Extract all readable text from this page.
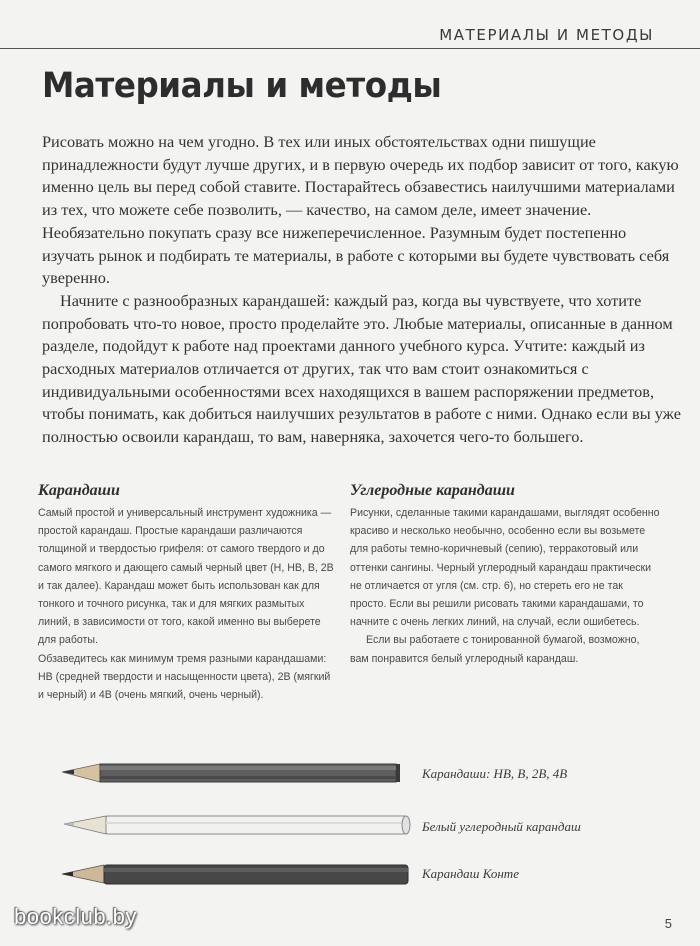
МАТЕРИАЛЫ И МЕТОДЫ
Материалы и методы

Рисовать можно на чем угодно. В тех или иных обстоятельствах одни пишущие принадлежности будут лучше других, и в первую очередь их подбор зависит от того, какую именно цель вы перед собой ставите. Постарайтесь обзавестись наилучшими материалами из тех, что можете себе позволить, — качество, на самом деле, имеет значение. Необязательно покупать сразу все нижеперечисленное. Разумным будет постепенно изучать рынок и подбирать те материалы, в работе с которыми вы будете чувствовать себя уверенно.

Начните с разнообразных карандашей: каждый раз, когда вы чувствуете, что хотите попробовать что-то новое, просто проделайте это. Любые материалы, описанные в данном разделе, подойдут к работе над проектами данного учебного курса. Учтите: каждый из расходных материалов отличается от других, так что вам стоит ознакомиться с индивидуальными особенностями всех находящихся в вашем распоряжении предметов, чтобы понимать, как добиться наилучших результатов в работе с ними. Однако если вы уже полностью освоили карандаш, то вам, наверняка, захочется чего-то большего.

Карандаши

Самый простой и универсальный инструмент художника — простой карандаш. Простые карандаши различаются толщиной и твердостью грифеля: от самого твердого и до самого мягкого и дающего самый черный цвет (H, HB, B, 2B и так далее). Карандаш может быть использован как для тонкого и точного рисунка, так и для мягких размытых линий, в зависимости от того, какой именно вы выберете для работы.

Обзаведитесь как минимум тремя разными карандашами: HB (средней твердости и насыщенности цвета), 2B (мягкий и черный) и 4B (очень мягкий, очень черный).

Углеродные карандаши

Рисунки, сделанные такими карандашами, выглядят особенно красиво и несколько необычно, особенно если вы возьмете для работы темно-коричневый (сепию), терракотовый или оттенки сангины. Черный углеродный карандаш практически не отличается от угля (см. стр. 6), но стереть его не так просто. Если вы решили рисовать такими карандашами, то начните с очень легких линий, на случай, если ошибетесь.

Если вы работаете с тонированной бумагой, возможно, вам понравится белый углеродный карандаш.

Карандаши: HB, B, 2B, 4B
Белый углеродный карандаш
Карандаш Конте
bookclub.by	5
